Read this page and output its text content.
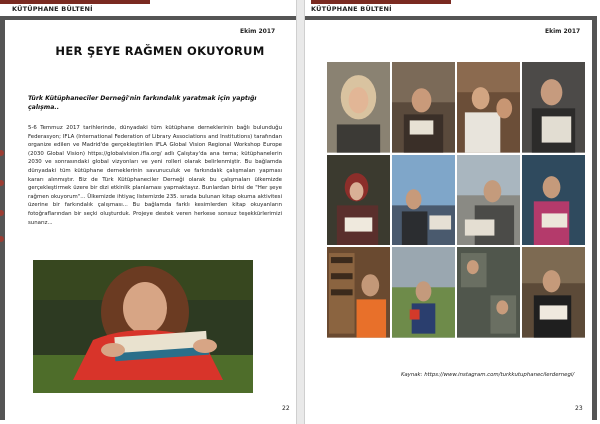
KÜTÜPHANE BÜLTENİ
Ekim 2017
HER ŞEYE RAĞMEN OKUYORUM
Türk Kütüphaneciler Derneği'nin farkındalık yaratmak için yaptığı çalışma..
5-6 Temmuz 2017 tarihlerinde, dünyadaki tüm kütüphane derneklerinin bağlı bulunduğu Federasyon; IFLA (International Federation of Library Associations and Institutions) tarafından organize edilen ve Madrid'de gerçekleştirilen IFLA Global Vision Regional Workshop Europe (2030 Global Vision) https://globalvision.ifla.org/ adlı Çalıştay'da ana tema; kütüphanelerin 2030 ve sonrasındaki global vizyonları ve yeni rolleri olarak belirlenmiştir. Bu bağlamda dünyadaki tüm kütüphane derneklerinin savunuculuk ve farkındalık çalışmaları yapması kararı alınmıştır. Biz de Türk Kütüphaneciler Derneği olarak bu çalışmaları ülkemizde gerçekleştirmek üzere bir dizi etkinlik planlaması yapmaktayız. Bunlardan birisi de "Her şeye rağmen okuyorum"... Ülkemizde ihtiyaç listemizde 235. sırada bulunan kitap okuma aktivitesi üzerine bir farkındalık çalışması... Bu bağlamda farklı kesimlerden kitap okuyanların fotoğraflarından bir seçki oluşturduk. Projeye destek veren herkese sonsuz teşekkürlerimizi sunarız...
22
KÜTÜPHANE BÜLTENİ
Ekim 2017
Kaynak: https://www.instagram.com/turkkutuphanecilerdernegi/
23
